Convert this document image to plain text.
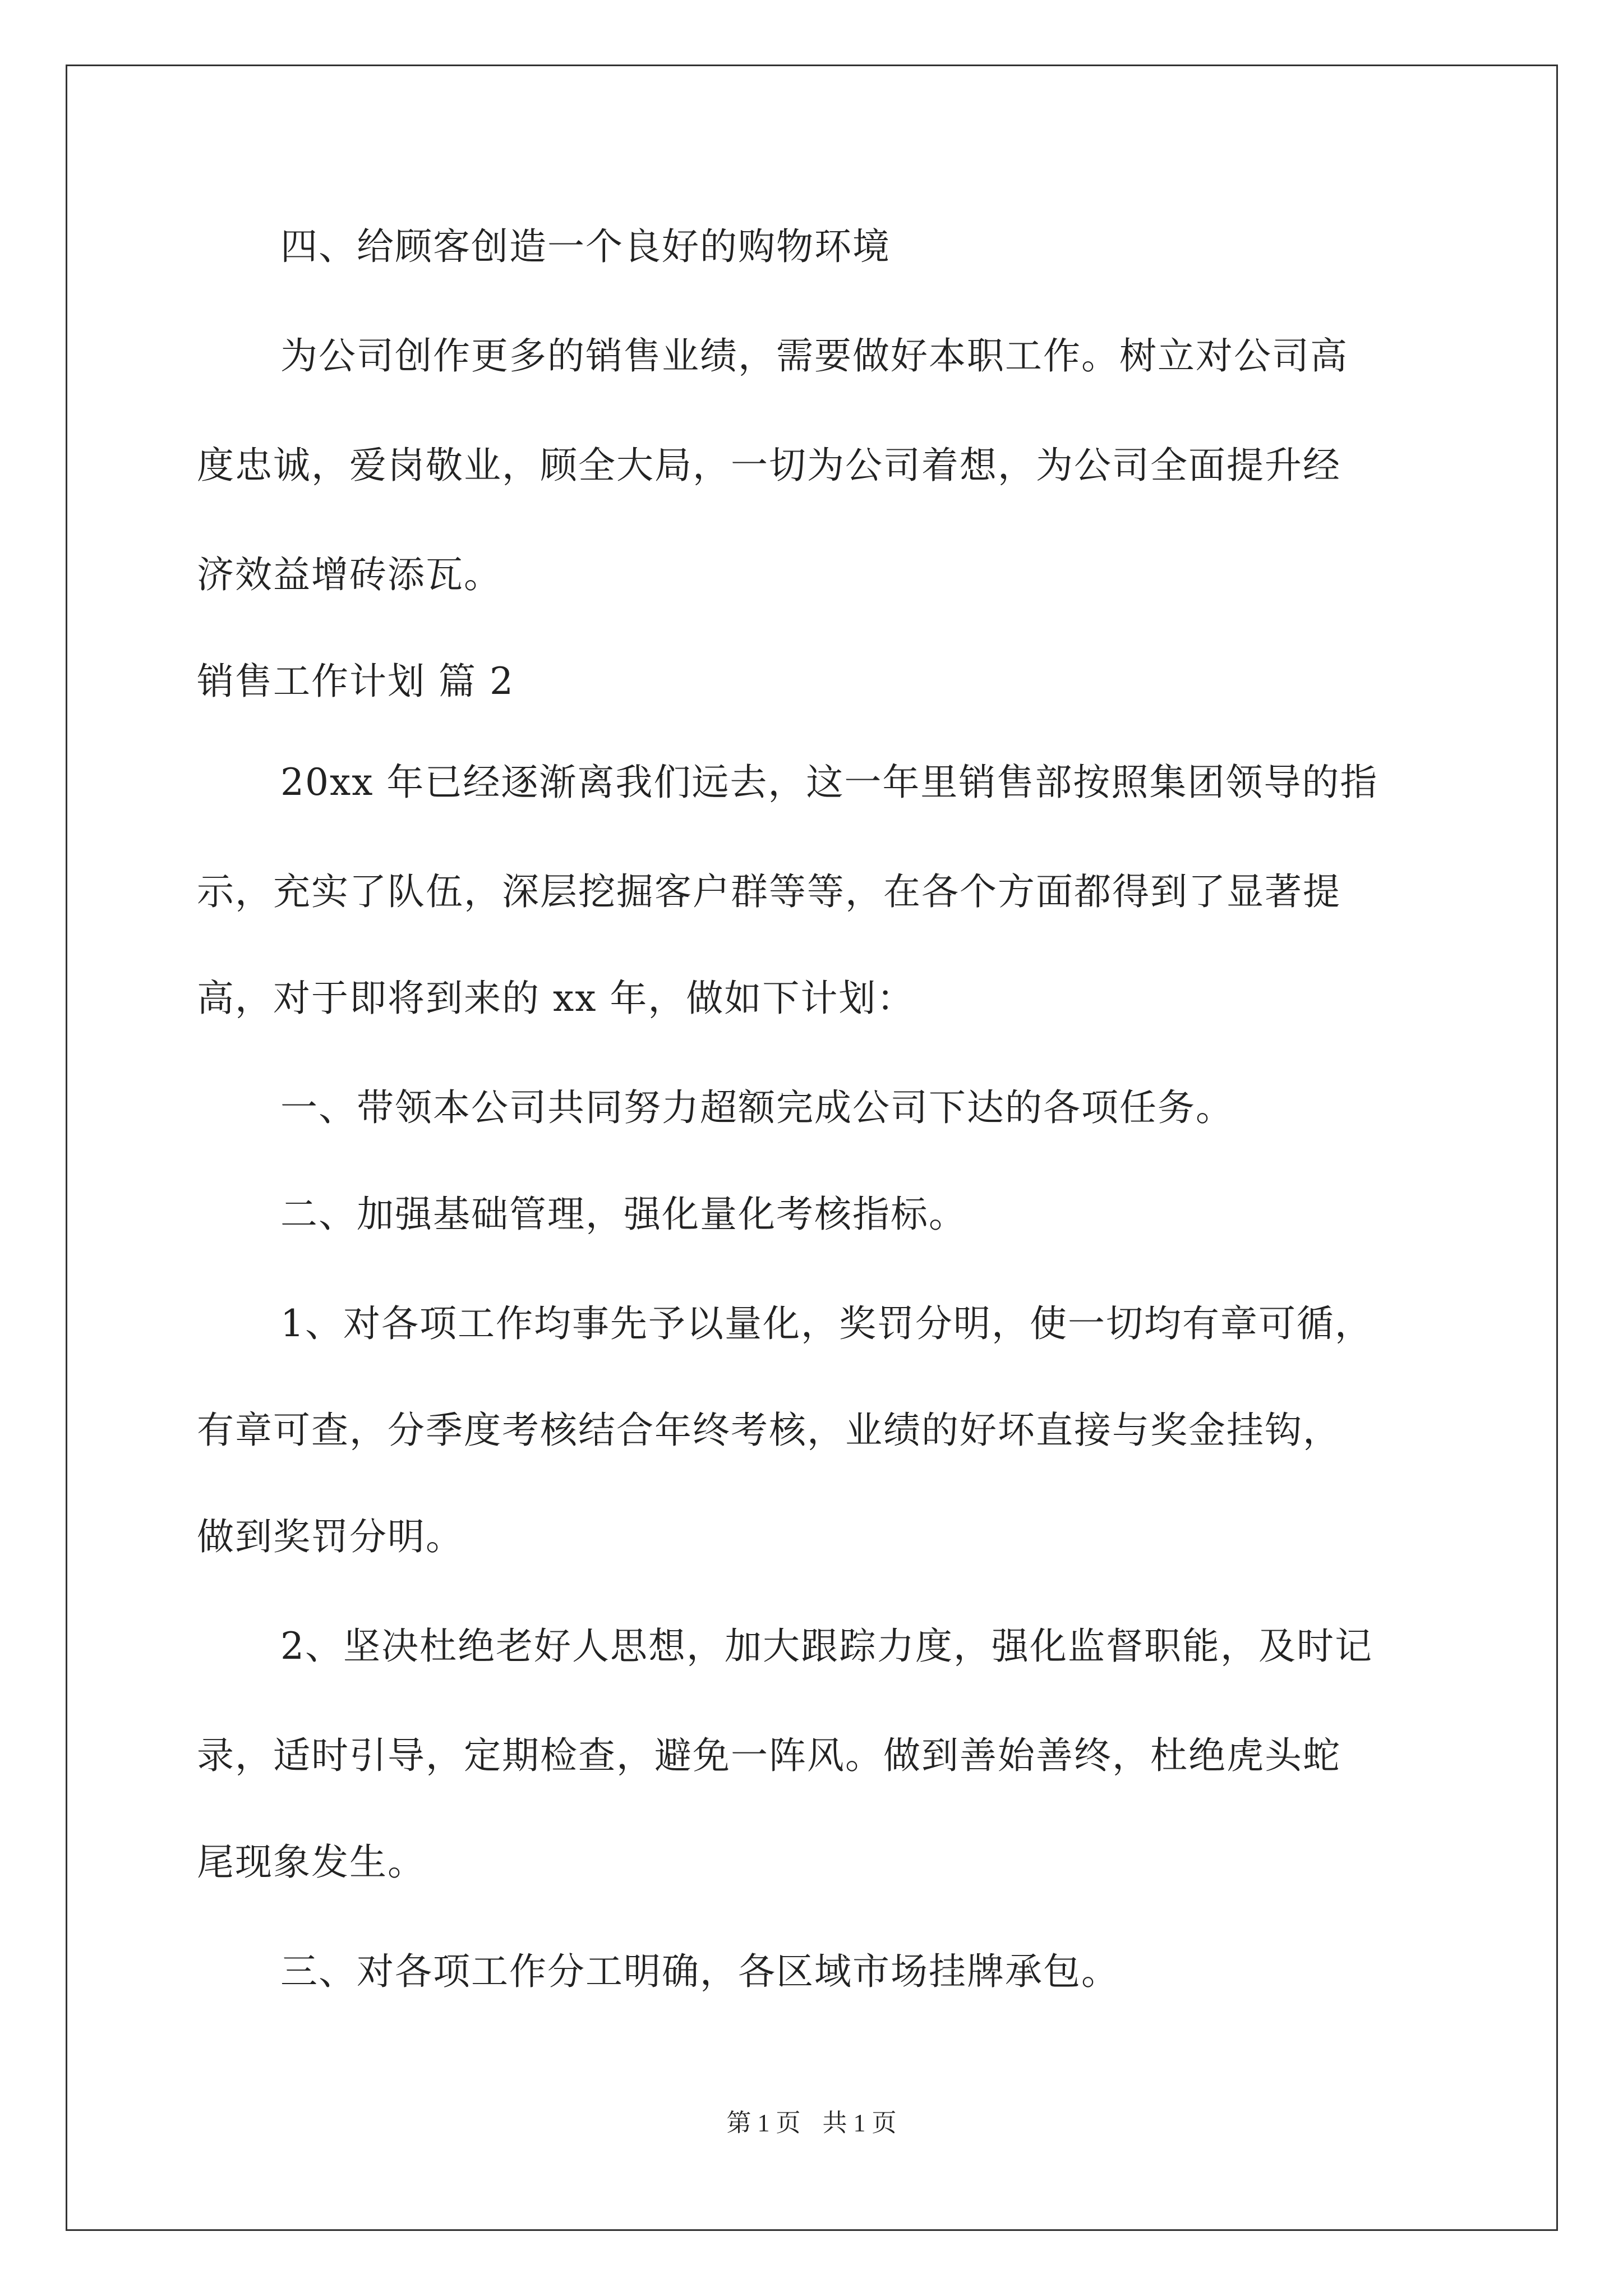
四、给顾客创造一个良好的购物环境
为公司创作更多的销售业绩，需要做好本职工作。树立对公司高
度忠诚，爱岗敬业，顾全大局，一切为公司着想，为公司全面提升经
济效益增砖添瓦。
销售工作计划 篇 2
20xx 年已经逐渐离我们远去，这一年里销售部按照集团领导的指
示，充实了队伍，深层挖掘客户群等等，在各个方面都得到了显著提
高，对于即将到来的 xx 年，做如下计划：
一、带领本公司共同努力超额完成公司下达的各项任务。
二、加强基础管理，强化量化考核指标。
1、对各项工作均事先予以量化，奖罚分明，使一切均有章可循，
有章可查，分季度考核结合年终考核，业绩的好坏直接与奖金挂钩，
做到奖罚分明。
2、坚决杜绝老好人思想，加大跟踪力度，强化监督职能，及时记
录，适时引导，定期检查，避免一阵风。做到善始善终，杜绝虎头蛇
尾现象发生。
三、对各项工作分工明确，各区域市场挂牌承包。
第 1 页 共 1 页
